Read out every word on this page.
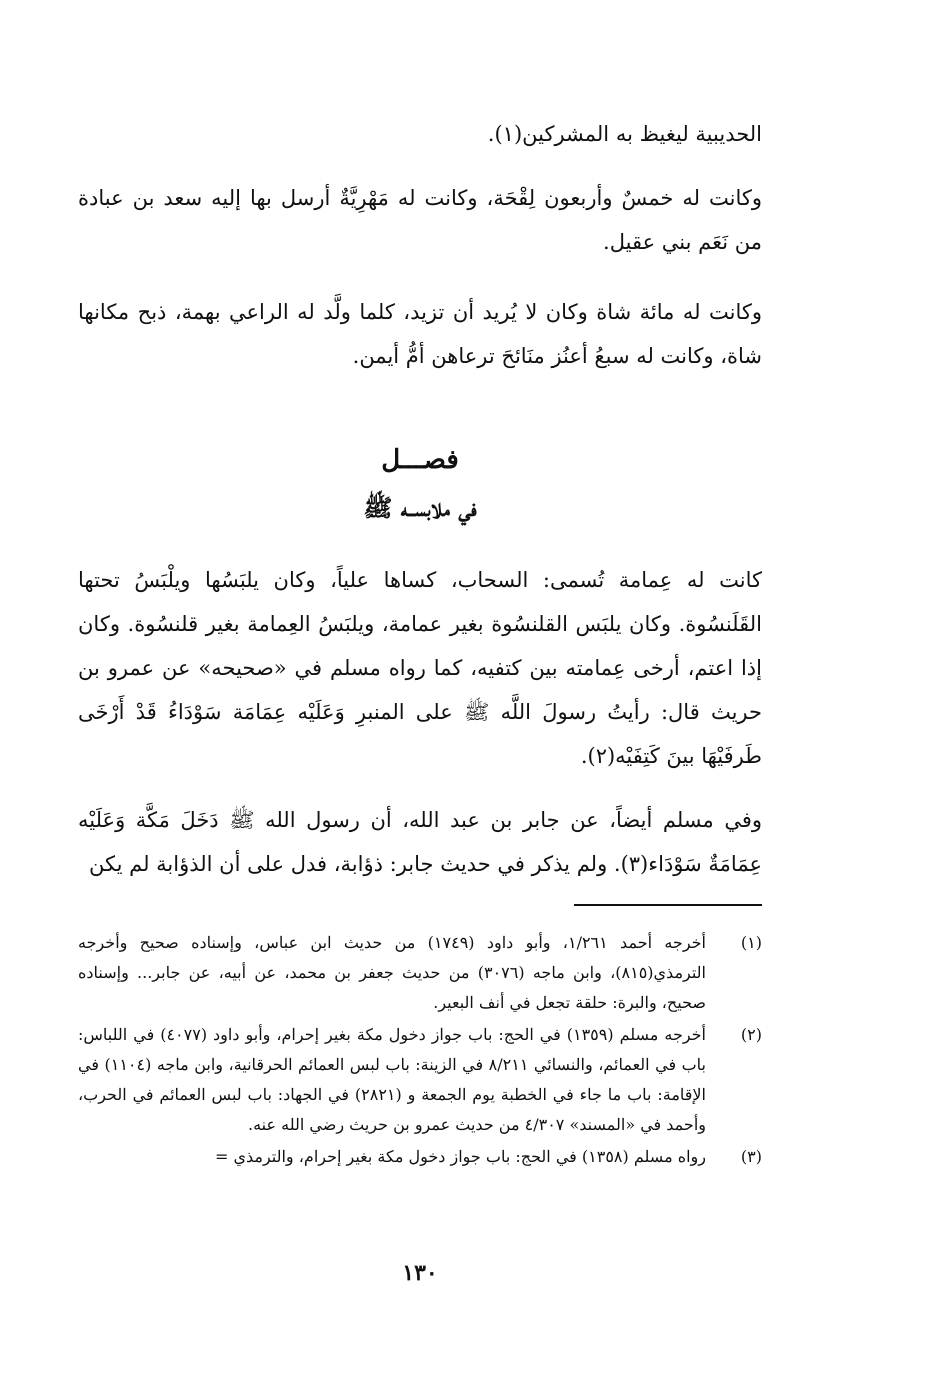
الحديبية ليغيظ به المشركين(١).

وكانت له خمسٌ وأربعون لِقْحَة، وكانت له مَهْرِيَّةٌ أرسل بها إليه سعد بن عبادة من نَعَم بني عقيل.

وكانت له مائة شاة وكان لا يُريد أن تزيد، كلما ولَّد له الراعي بهمة، ذبح مكانها شاة، وكانت له سبعُ أعنُز منَائحَ ترعاهن أمُّ أيمن.

فصـــل

في ملابســه ﷺ

كانت له عِمامة تُسمى: السحاب، كساها علياً، وكان يلبَسُها ويلْبَسُ تحتها القَلَنسُوة. وكان يلبَس القلنسُوة بغير عمامة، ويلبَسُ العِمامة بغير قلنسُوة. وكان إذا اعتم، أرخى عِمامته بين كتفيه، كما رواه مسلم في «صحيحه» عن عمرو بن حريث قال: رأيتُ رسولَ اللَّه ﷺ على المنبرِ وَعَلَيْه عِمَامَة سَوْدَاءُ قَدْ أَرْخَى طَرفَيْهَا بينَ كَتِفَيْه(٢).

وفي مسلم أيضاً، عن جابر بن عبد الله، أن رسول الله ﷺ دَخَلَ مَكَّة وَعَلَيْه عِمَامَةٌ سَوْدَاء(٣). ولم يذكر في حديث جابر: ذؤابة، فدل على أن الذؤابة لم يكن

(١)
أخرجه أحمد ١/٢٦١، وأبو داود (١٧٤٩) من حديث ابن عباس، وإسناده صحيح وأخرجه الترمذي(٨١٥)، وابن ماجه (٣٠٧٦) من حديث جعفر بن محمد، عن أبيه، عن جابر... وإسناده صحيح، والبرة: حلقة تجعل في أنف البعير.
(٢)
أخرجه مسلم (١٣٥٩) في الحج: باب جواز دخول مكة بغير إحرام، وأبو داود (٤٠٧٧) في اللباس: باب في العمائم، والنسائي ٨/٢١١ في الزينة: باب لبس العمائم الحرقانية، وابن ماجه (١١٠٤) في الإقامة: باب ما جاء في الخطبة يوم الجمعة و (٢٨٢١) في الجهاد: باب لبس العمائم في الحرب، وأحمد في «المسند» ٤/٣٠٧ من حديث عمرو بن حريث رضي الله عنه.
(٣)
رواه مسلم (١٣٥٨) في الحج: باب جواز دخول مكة بغير إحرام، والترمذي =
١٣٠
